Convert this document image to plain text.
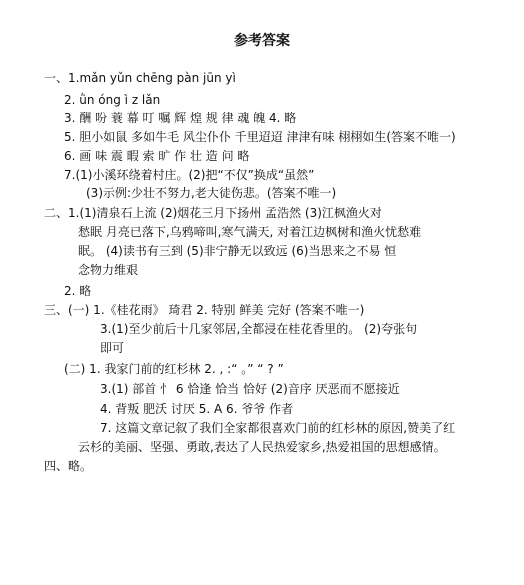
参考答案
一、1.mǎn yǔn chēng pàn jūn yì
2. ǜn óng ì z lǎn
3. 酬 吩 蓑 幕 叮 嘱 辉 煌 规 律 魂 魄 4. 略
5. 胆小如鼠 多如牛毛 风尘仆仆 千里迢迢 津津有味 栩栩如生(答案不唯一)
6. 画 味 震 暇 索 旷 作 壮 造 问 略
7.(1)小溪环绕着村庄。(2)把“不仅”换成“虽然”
(3)示例:少壮不努力,老大徒伤悲。(答案不唯一)
二、1.(1)清泉石上流 (2)烟花三月下扬州 孟浩然 (3)江枫渔火对
愁眠 月亮已落下,乌鸦啼叫,寒气满天, 对着江边枫树和渔火忧愁难
眠。 (4)读书有三到 (5)非宁静无以致远 (6)当思来之不易 恒
念物力维艰
2. 略
三、(一) 1.《桂花雨》 琦君 2. 特别 鲜美 完好 (答案不唯一)
3.(1)至少前后十几家邻居,全都浸在桂花香里的。 (2)夸张句
即可
(二) 1. 我家门前的红杉林 2. , :“ 。” “ ? ”
3.(1) 部首 忄 6 恰逢 恰当 恰好 (2)音序 厌恶而不愿接近
4. 背叛 肥沃 讨厌 5. A 6. 爷爷 作者
7. 这篇文章记叙了我们全家都很喜欢门前的红杉林的原因,赞美了红
云杉的美丽、坚强、勇敢,表达了人民热爱家乡,热爱祖国的思想感情。
四、略。
